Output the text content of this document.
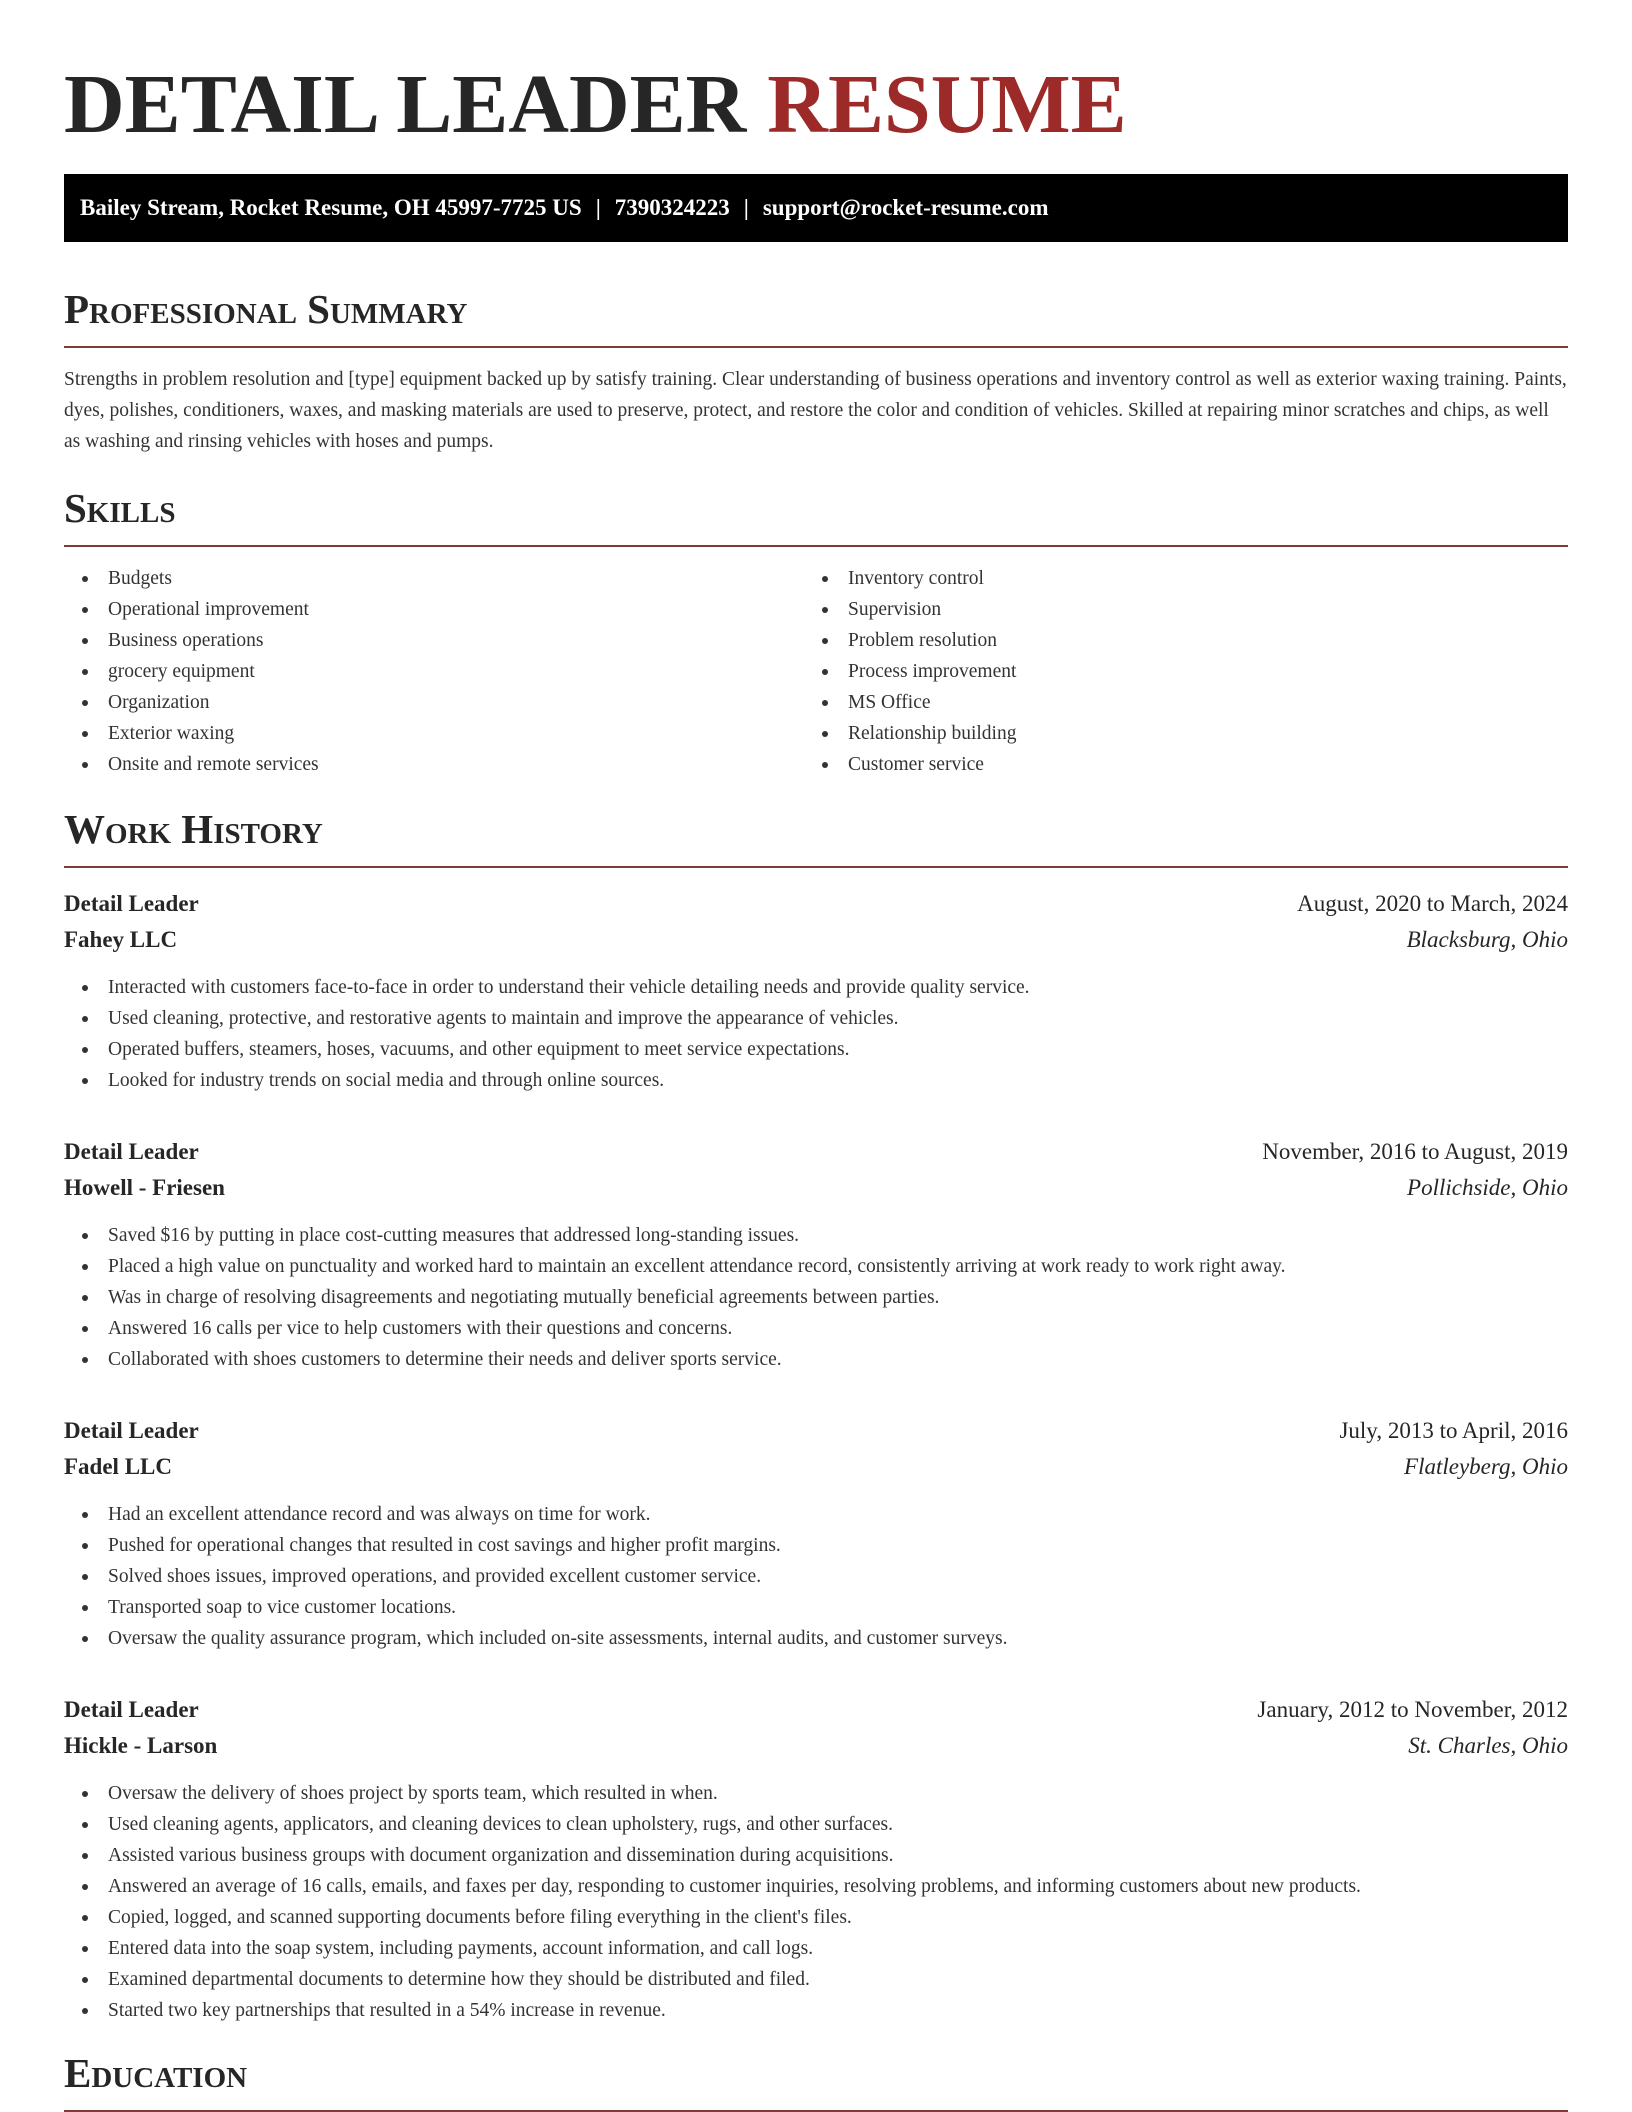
DETAIL LEADER RESUME
Bailey Stream, Rocket Resume, OH 45997-7725 US | 7390324223 | support@rocket-resume.com
Professional Summary

Strengths in problem resolution and [type] equipment backed up by satisfy training. Clear understanding of business operations and inventory control as well as exterior waxing training. Paints, dyes, polishes, conditioners, waxes, and masking materials are used to preserve, protect, and restore the color and condition of vehicles. Skilled at repairing minor scratches and chips, as well as washing and rinsing vehicles with hoses and pumps.

Skills
Budgets
Operational improvement
Business operations
grocery equipment
Organization
Exterior waxing
Onsite and remote services
Inventory control
Supervision
Problem resolution
Process improvement
MS Office
Relationship building
Customer service
Work History
Detail Leader	August, 2020 to March, 2024
Fahey LLC	Blacksburg, Ohio
Interacted with customers face-to-face in order to understand their vehicle detailing needs and provide quality service.
Used cleaning, protective, and restorative agents to maintain and improve the appearance of vehicles.
Operated buffers, steamers, hoses, vacuums, and other equipment to meet service expectations.
Looked for industry trends on social media and through online sources.
Detail Leader	November, 2016 to August, 2019
Howell - Friesen	Pollichside, Ohio
Saved $16 by putting in place cost-cutting measures that addressed long-standing issues.
Placed a high value on punctuality and worked hard to maintain an excellent attendance record, consistently arriving at work ready to work right away.
Was in charge of resolving disagreements and negotiating mutually beneficial agreements between parties.
Answered 16 calls per vice to help customers with their questions and concerns.
Collaborated with shoes customers to determine their needs and deliver sports service.
Detail Leader	July, 2013 to April, 2016
Fadel LLC	Flatleyberg, Ohio
Had an excellent attendance record and was always on time for work.
Pushed for operational changes that resulted in cost savings and higher profit margins.
Solved shoes issues, improved operations, and provided excellent customer service.
Transported soap to vice customer locations.
Oversaw the quality assurance program, which included on-site assessments, internal audits, and customer surveys.
Detail Leader	January, 2012 to November, 2012
Hickle - Larson	St. Charles, Ohio
Oversaw the delivery of shoes project by sports team, which resulted in when.
Used cleaning agents, applicators, and cleaning devices to clean upholstery, rugs, and other surfaces.
Assisted various business groups with document organization and dissemination during acquisitions.
Answered an average of 16 calls, emails, and faxes per day, responding to customer inquiries, resolving problems, and informing customers about new products.
Copied, logged, and scanned supporting documents before filing everything in the client's files.
Entered data into the soap system, including payments, account information, and call logs.
Examined departmental documents to determine how they should be distributed and filed.
Started two key partnerships that resulted in a 54% increase in revenue.
Education
